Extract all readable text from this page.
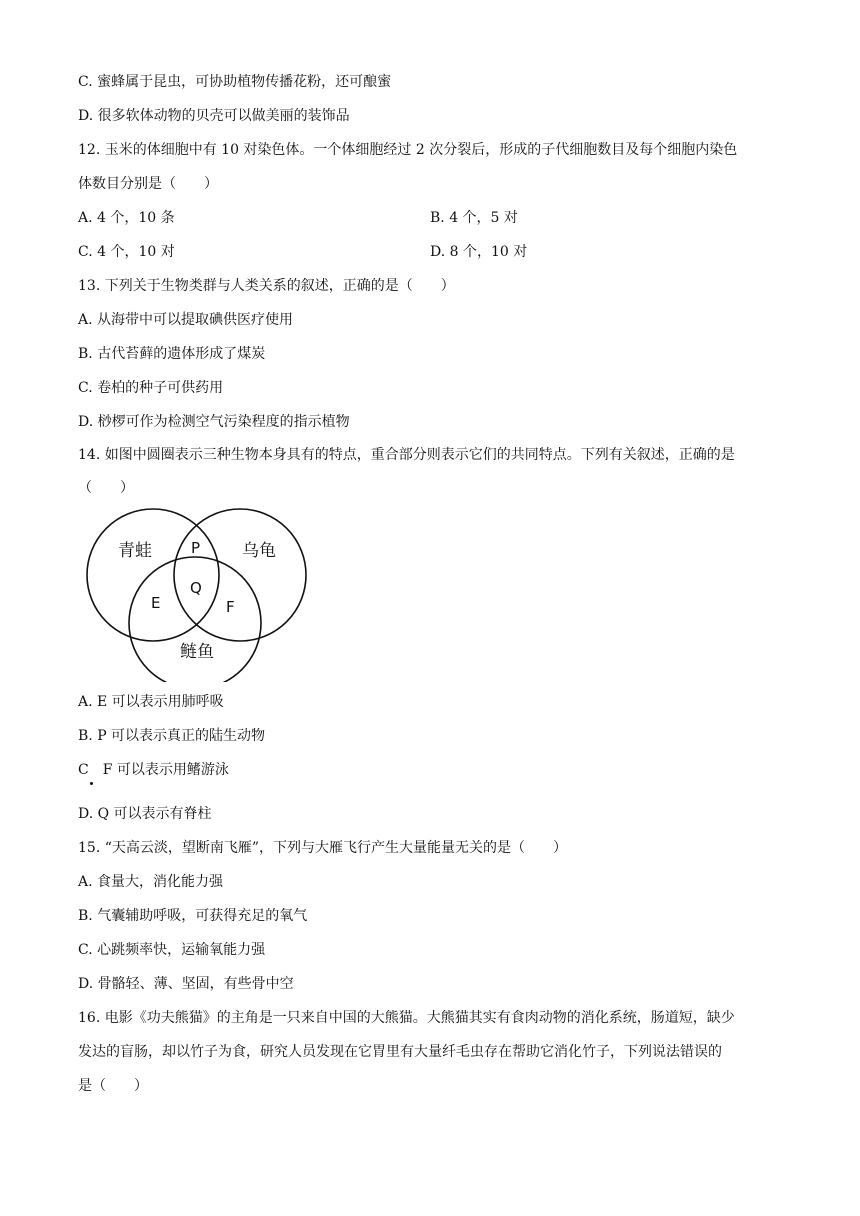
C. 蜜蜂属于昆虫，可协助植物传播花粉，还可酿蜜
D. 很多软体动物的贝壳可以做美丽的装饰品
12. 玉米的体细胞中有 10 对染色体。一个体细胞经过 2 次分裂后，形成的子代细胞数目及每个细胞内染色
体数目分别是（　　）
A. 4 个，10 条	B. 4 个，5 对
C. 4 个，10 对	D. 8 个，10 对
13. 下列关于生物类群与人类关系的叙述，正确的是（　　）
A. 从海带中可以提取碘供医疗使用
B. 古代苔藓的遗体形成了煤炭
C. 卷柏的种子可供药用
D. 桫椤可作为检测空气污染程度的指示植物
14. 如图中圆圈表示三种生物本身具有的特点，重合部分则表示它们的共同特点。下列有关叙述，正确的是
（　　）
青蛙	乌龟
鲢鱼
P
Q
E	F
A. E 可以表示用肺呼吸
B. P 可以表示真正的陆生动物
C　F 可以表示用鳍游泳
D. Q 可以表示有脊柱
15. “天高云淡，望断南飞雁”，下列与大雁飞行产生大量能量无关的是（　　）
A. 食量大，消化能力强
B. 气囊辅助呼吸，可获得充足的氧气
C. 心跳频率快，运输氧能力强
D. 骨骼轻、薄、坚固，有些骨中空
16. 电影《功夫熊猫》的主角是一只来自中国的大熊猫。大熊猫其实有食肉动物的消化系统，肠道短，缺少
发达的盲肠，却以竹子为食，研究人员发现在它胃里有大量纤毛虫存在帮助它消化竹子，下列说法错误的
是（　　）
